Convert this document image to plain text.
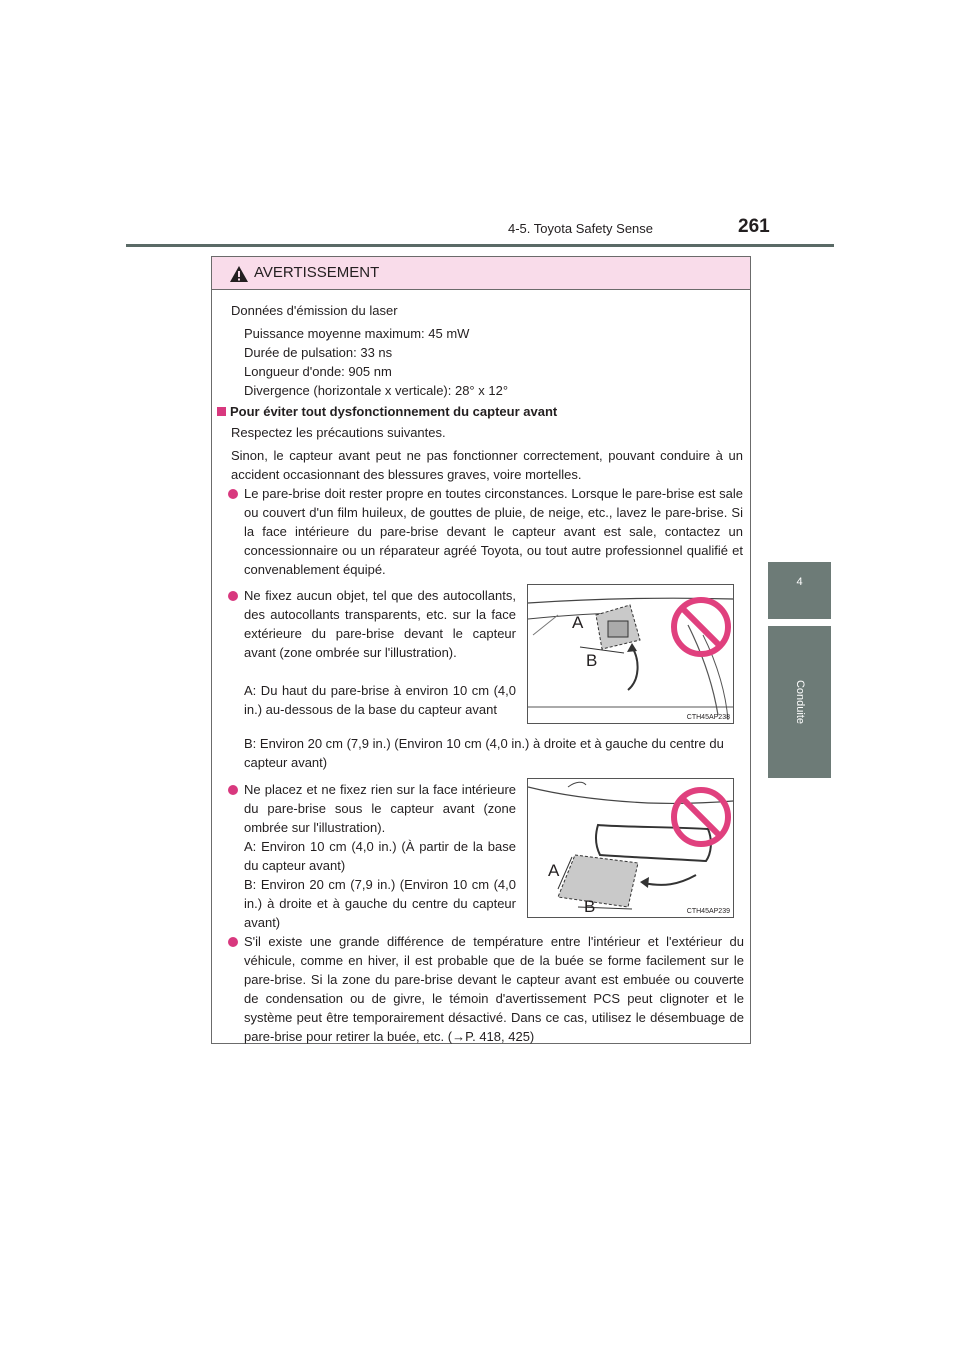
4-5. Toyota Safety Sense	261
4
Conduite
AVERTISSEMENT
Données d'émission du laser
Puissance moyenne maximum: 45 mW
Durée de pulsation: 33 ns
Longueur d'onde: 905 nm
Divergence (horizontale x verticale): 28° x 12°
Pour éviter tout dysfonctionnement du capteur avant
Respectez les précautions suivantes.
Sinon, le capteur avant peut ne pas fonctionner correctement, pouvant conduire à un accident occasionnant des blessures graves, voire mortelles.
Le pare-brise doit rester propre en toutes circonstances. Lorsque le pare-brise est sale ou couvert d'un film huileux, de gouttes de pluie, de neige, etc., lavez le pare-brise. Si la face intérieure du pare-brise devant le capteur avant est sale, contactez un concessionnaire ou un réparateur agréé Toyota, ou tout autre professionnel qualifié et convenablement équipé.
Ne fixez aucun objet, tel que des autocollants, des autocollants transparents, etc. sur la face extérieure du pare-brise devant le capteur avant (zone ombrée sur l'illustration).
A: Du haut du pare-brise à environ 10 cm (4,0 in.) au-dessous de la base du capteur avant
B: Environ 20 cm (7,9 in.) (Environ 10 cm (4,0 in.) à droite et à gauche du centre du capteur avant)
Ne placez et ne fixez rien sur la face intérieure du pare-brise sous le capteur avant (zone ombrée sur l'illustration).
A: Environ 10 cm (4,0 in.) (À partir de la base du capteur avant)
B: Environ 20 cm (7,9 in.) (Environ 10 cm (4,0 in.) à droite et à gauche du centre du capteur avant)
S'il existe une grande différence de température entre l'intérieur et l'extérieur du véhicule, comme en hiver, il est probable que de la buée se forme facilement sur le pare-brise. Si la zone du pare-brise devant le capteur avant est embuée ou couverte de condensation ou de givre, le témoin d'avertissement PCS peut clignoter et le système peut être temporairement désactivé. Dans ce cas, utilisez le désembuage de pare-brise pour retirer la buée, etc. (→P. 418, 425)
A
B
CTH45AP238
A
B	CTH45AP239
